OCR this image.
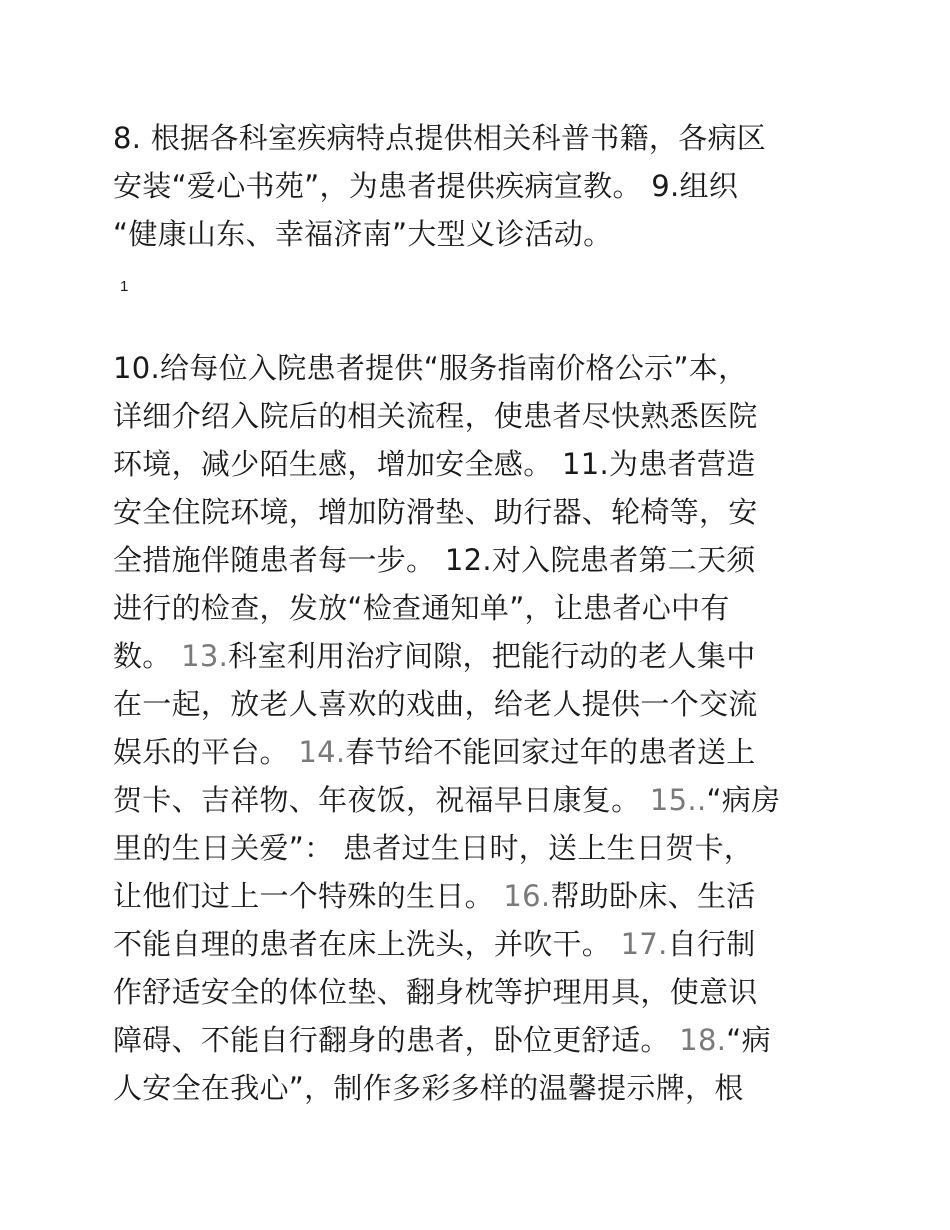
8. 根据各科室疾病特点提供相关科普书籍，各病区
安装“爱心书苑”，为患者提供疾病宣教。 9.组织
“健康山东、幸福济南”大型义诊活动。

1

10.给每位入院患者提供“服务指南价格公示”本，
详细介绍入院后的相关流程，使患者尽快熟悉医院
环境，减少陌生感，增加安全感。 11.为患者营造
安全住院环境，增加防滑垫、助行器、轮椅等，安
全措施伴随患者每一步。 12.对入院患者第二天须
进行的检查，发放“检查通知单”，让患者心中有
数。 13.科室利用治疗间隙，把能行动的老人集中
在一起，放老人喜欢的戏曲，给老人提供一个交流
娱乐的平台。 14.春节给不能回家过年的患者送上
贺卡、吉祥物、年夜饭，祝福早日康复。 15..“病房
里的生日关爱”： 患者过生日时，送上生日贺卡，
让他们过上一个特殊的生日。 16.帮助卧床、生活
不能自理的患者在床上洗头，并吹干。 17.自行制
作舒适安全的体位垫、翻身枕等护理用具，使意识
障碍、不能自行翻身的患者，卧位更舒适。 18.“病
人安全在我心”，制作多彩多样的温馨提示牌，根
